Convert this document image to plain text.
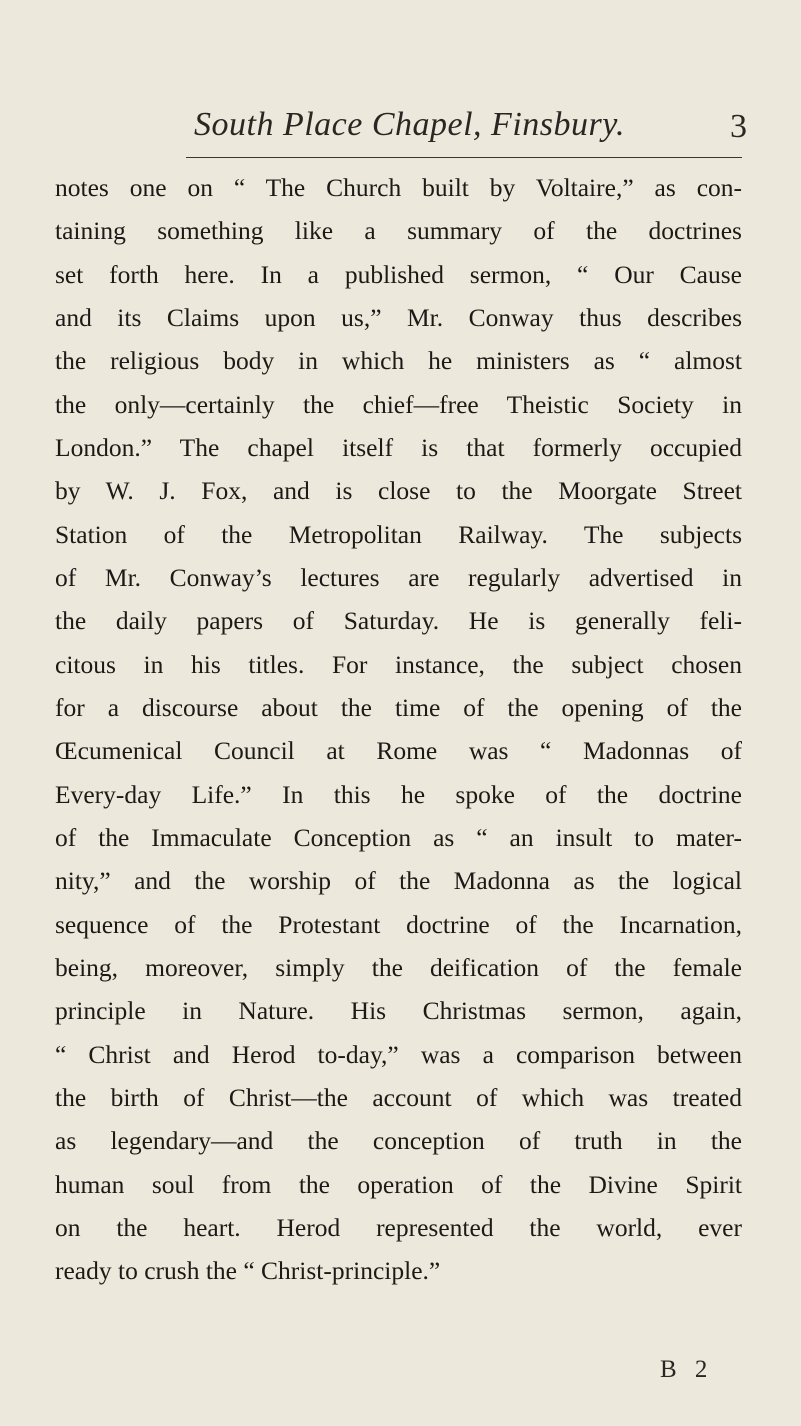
South Place Chapel, Finsbury.	3
notes one on “ The Church built by Voltaire,” as con-
taining something like a summary of the doctrines
set forth here. In a published sermon, “ Our Cause
and its Claims upon us,” Mr. Conway thus describes
the religious body in which he ministers as “ almost
the only—certainly the chief—free Theistic Society in
London.” The chapel itself is that formerly occupied
by W. J. Fox, and is close to the Moorgate Street
Station of the Metropolitan Railway. The subjects
of Mr. Conway’s lectures are regularly advertised in
the daily papers of Saturday. He is generally feli-
citous in his titles. For instance, the subject chosen
for a discourse about the time of the opening of the
Œcumenical Council at Rome was “ Madonnas of
Every-day Life.” In this he spoke of the doctrine
of the Immaculate Conception as “ an insult to mater-
nity,” and the worship of the Madonna as the logical
sequence of the Protestant doctrine of the Incarnation,
being, moreover, simply the deification of the female
principle in Nature. His Christmas sermon, again,
“ Christ and Herod to-day,” was a comparison between
the birth of Christ—the account of which was treated
as legendary—and the conception of truth in the
human soul from the operation of the Divine Spirit
on the heart. Herod represented the world, ever
ready to crush the “ Christ-principle.”
B 2
